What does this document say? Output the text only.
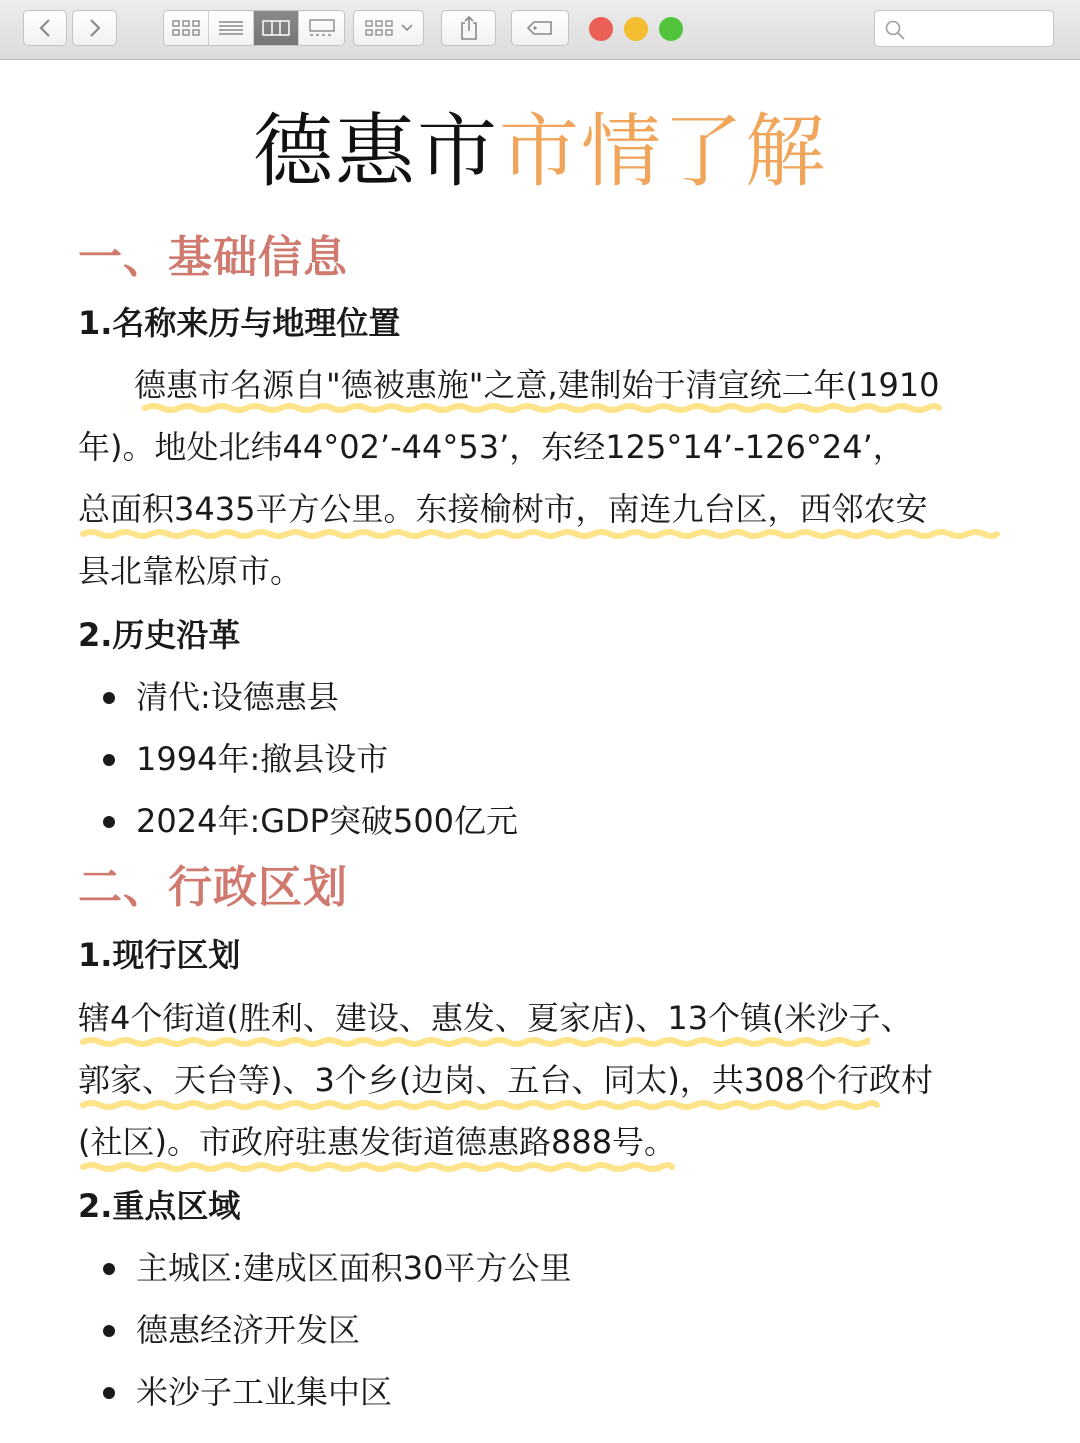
德惠市市情了解
一、基础信息
1.名称来历与地理位置
德惠市名源自"德被惠施"之意,建制始于清宣统二年(1910
年)。地处北纬44°02’-44°53’，东经125°14’-126°24’，
总面积3435平方公里。东接榆树市，南连九台区，西邻农安
县北靠松原市。
2.历史沿革
清代:设德惠县
1994年:撤县设市
2024年:GDP突破500亿元
二、行政区划
1.现行区划
辖4个街道(胜利、建设、惠发、夏家店)、13个镇(米沙子、
郭家、天台等)、3个乡(边岗、五台、同太)，共308个行政村
(社区)。市政府驻惠发街道德惠路888号。
2.重点区域
主城区:建成区面积30平方公里
德惠经济开发区
米沙子工业集中区
